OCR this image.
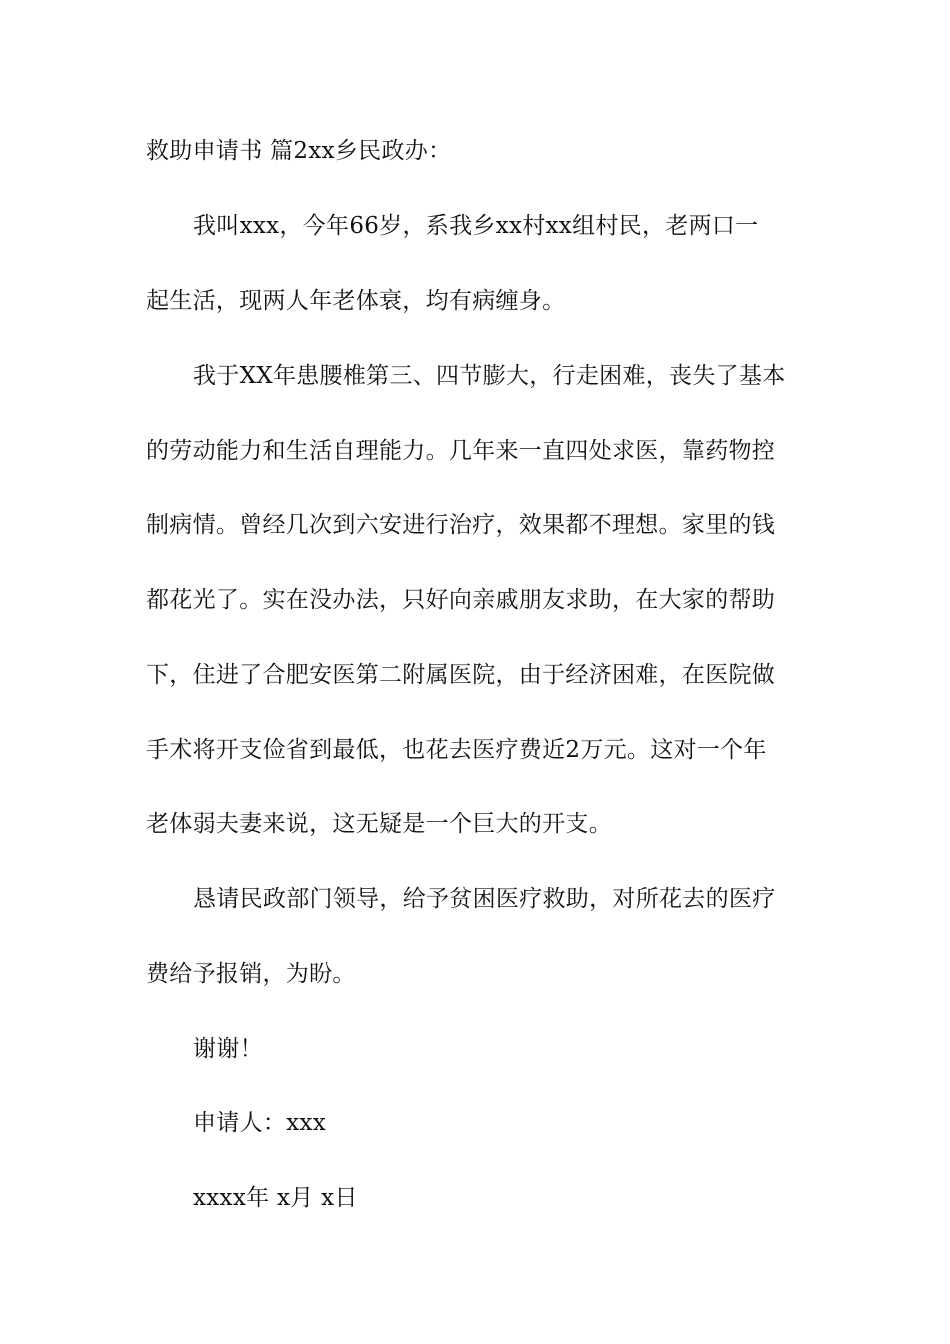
救助申请书 篇2xx乡民政办：
我叫xxx，今年66岁，系我乡xx村xx组村民，老两口一
起生活，现两人年老体衰，均有病缠身。
我于XX年患腰椎第三、四节膨大，行走困难，丧失了基本
的劳动能力和生活自理能力。几年来一直四处求医，靠药物控
制病情。曾经几次到六安进行治疗，效果都不理想。家里的钱
都花光了。实在没办法，只好向亲戚朋友求助，在大家的帮助
下，住进了合肥安医第二附属医院，由于经济困难，在医院做
手术将开支俭省到最低，也花去医疗费近2万元。这对一个年
老体弱夫妻来说，这无疑是一个巨大的开支。
恳请民政部门领导，给予贫困医疗救助，对所花去的医疗
费给予报销，为盼。
谢谢！
申请人：xxx
xxxx年 x月 x日
